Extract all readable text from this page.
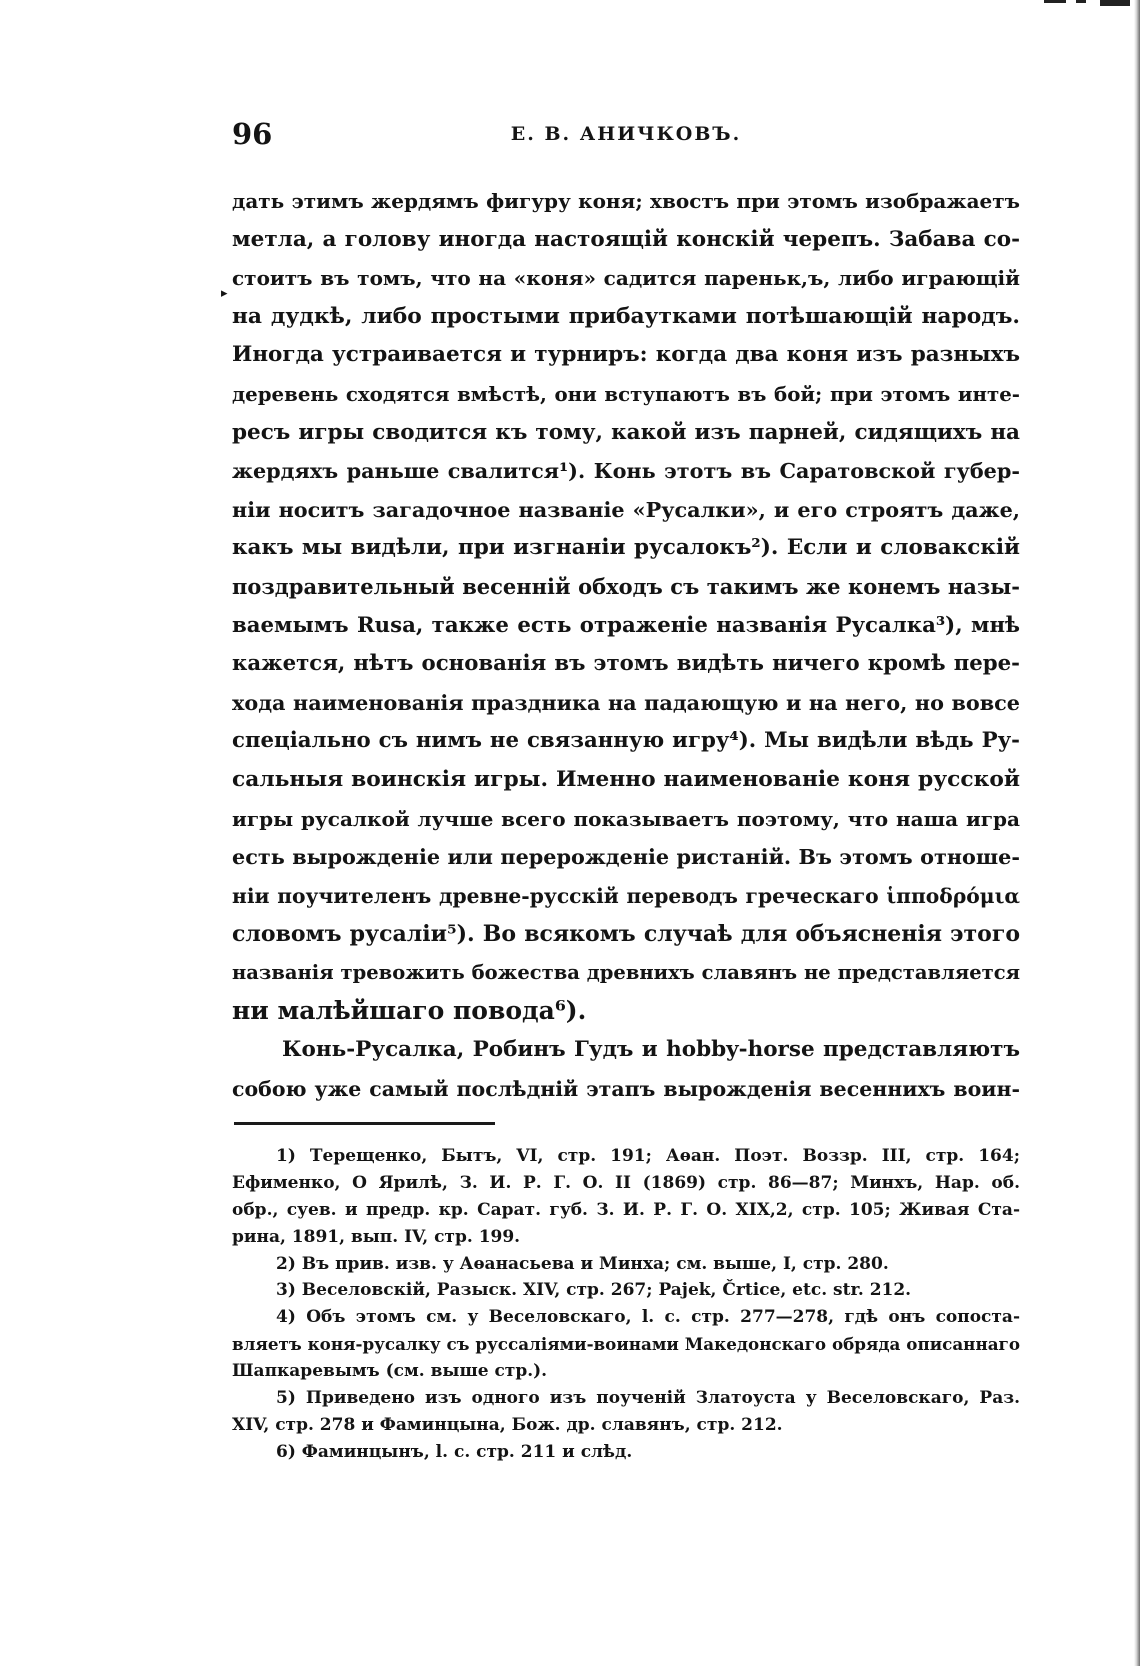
96	Е. В. АНИЧКОВЪ.
▸
дать этимъ жердямъ фигуру коня; хвостъ при этомъ изображаетъ
метла, а голову иногда настоящій конскій черепъ. Забава со-
стоитъ въ томъ, что на «коня» садится пареньк,ъ, либо играющій
на дудкѣ, либо простыми прибаутками потѣшающій народъ.
Иногда устраивается и турниръ: когда два коня изъ разныхъ
деревень сходятся вмѣстѣ, они вступаютъ въ бой; при этомъ инте-
ресъ игры сводится къ тому, какой изъ парней, сидящихъ на
жердяхъ раньше свалится¹). Конь этотъ въ Саратовской губер-
ніи носитъ загадочное названіе «Русалки», и его строятъ даже,
какъ мы видѣли, при изгнаніи русалокъ²). Если и словакскій
поздравительный весенній обходъ съ такимъ же конемъ назы-
ваемымъ Rusa, также есть отраженіе названія Русалка³), мнѣ
кажется, нѣтъ основанія въ этомъ видѣть ничего кромѣ пере-
хода наименованія праздника на падающую и на него, но вовсе
спеціально съ нимъ не связанную игру⁴). Мы видѣли вѣдь Ру-
сальныя воинскія игры. Именно наименованіе коня русской
игры русалкой лучше всего показываетъ поэтому, что наша игра
есть вырожденіе или перерожденіе ристаній. Въ этомъ отноше-
ніи поучителенъ древне-русскій переводъ греческаго ἱπποδρόμια
словомъ русаліи⁵). Во всякомъ случаѣ для объясненія этого
названія тревожить божества древнихъ славянъ не представляется
ни малѣйшаго повода⁶).
Конь-Русалка, Робинъ Гудъ и hobby-horse представляютъ
собою уже самый послѣдній этапъ вырожденія весеннихъ воин-
1) Терещенко, Бытъ, VI, стр. 191; Аѳан. Поэт. Воззр. III, стр. 164;
Ефименко, О Ярилѣ, З. И. Р. Г. О. II (1869) стр. 86—87; Минхъ, Нар. об.
обр., суев. и предр. кр. Сарат. губ. З. И. Р. Г. О. XIX,2, стр. 105; Живая Ста-
рина, 1891, вып. IV, стр. 199.
2) Въ прив. изв. у Аѳанасьева и Минха; см. выше, I, стр. 280.
3) Веселовскій, Разыск. XIV, стр. 267; Pajek, Črtice, etc. str. 212.
4) Объ этомъ см. у Веселовскаго, l. c. стр. 277—278, гдѣ онъ сопоста-
вляетъ коня-русалку съ руссаліями-воинами Македонскаго обряда описаннаго
Шапкаревымъ (см. выше стр.).
5) Приведено изъ одного изъ поученій Златоуста у Веселовскаго, Раз.
XIV, стр. 278 и Фаминцына, Бож. др. славянъ, стр. 212.
6) Фаминцынъ, l. c. стр. 211 и слѣд.
